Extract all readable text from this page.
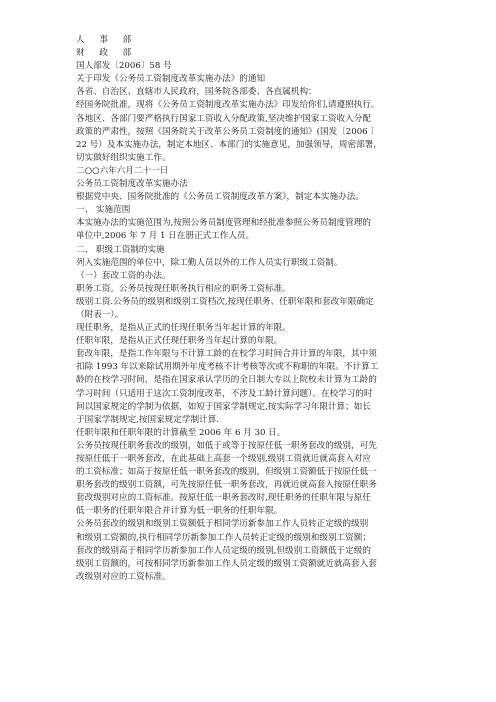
人 事 部
财 政 部
国人部发〔2006〕58 号
关于印发《公务员工资制度改革实施办法》的通知
各省、自治区、直辖市人民政府，国务院各部委、各直属机构：
经国务院批准，现将《公务员工资制度改革实施办法》印发给你们,请遵照执行。
各地区、各部门要严格执行国家工资收入分配政策,坚决维护国家工资收入分配
政策的严肃性，按照《国务院关于改革公务员工资制度的通知》(国发〔2006 〕
22 号）及本实施办法，制定本地区、本部门的实施意见，加强领导，周密部署，
切实做好组织实施工作。
二○○六年六月二十一日
公务员工资制度改革实施办法
根据党中央、国务院批准的《公务员工资制度改革方案》，制定本实施办法。
一、 实施范围
本实施办法的实施范围为,按照公务员制度管理和经批准参照公务员制度管理的
单位中,2006 年 7 月 1 日在册正式工作人员。
二、 职级工资制的实施
列入实施范围的单位中，除工勤人员以外的工作人员实行职级工资制。
（一）套改工资的办法。
职务工资。公务员按现任职务执行相应的职务工资标准。
级别工资.公务员的级别和级别工资档次,按现任职务、任职年限和套改年限确定
（附表一）。
现任职务，是指从正式的任现任职务当年起计算的年限。
任职年限，是指从正式任现任职务当年起计算的年限。
套改年限，是指工作年限与不计算工龄的在校学习时间合并计算的年限，其中须
扣除 1993 年以来除试用期外年度考核不计考核等次或不称职的年限。不计算工
龄的在校学习时间，是指在国家承认学历的全日制大专以上院校未计算为工龄的
学习时间（只适用于这次工资制度改革，不涉及工龄计算问题）。在校学习的时
间以国家规定的学制为依据，如短于国家学制规定,按实际学习年限计算；如长
于国家学制规定,按国家规定学制计算.
任职年限和任职年限的计算截至 2006 年 6 月 30 日。
公务员按现任职务套改的级别，如低于或等于按原任低一职务套改的级别，可先
按原任低于一职务套改，在此基础上高套一个级别,级别工资就近就高套入对应
的工资标准；如高于按原任低一职务套改的级别，但级别工资额低于按原任低一
职务套改的级别工资额，可先按原任低一职务套改，再就近就高套入按原任职务
套改级别对应的工资标准。按原任低一职务套改时,现任职务的任职年限与原任
低一职务的任职年限合并计算为低一职务的任职年限。
公务员套改的级别和级别工资额低于相同学历新参加工作人员转正定级的级别
和级别工资额的,执行相同学历新参加工作人员转正定级的级别和级别工资额；
套改的级别高于相同学历新参加工作人员定级的级别,但级别工资额低于定级的
级别工资额的，可按相同学历新参加工作人员定级的级别工资额就近就高套入套
改级别对应的工资标准。
